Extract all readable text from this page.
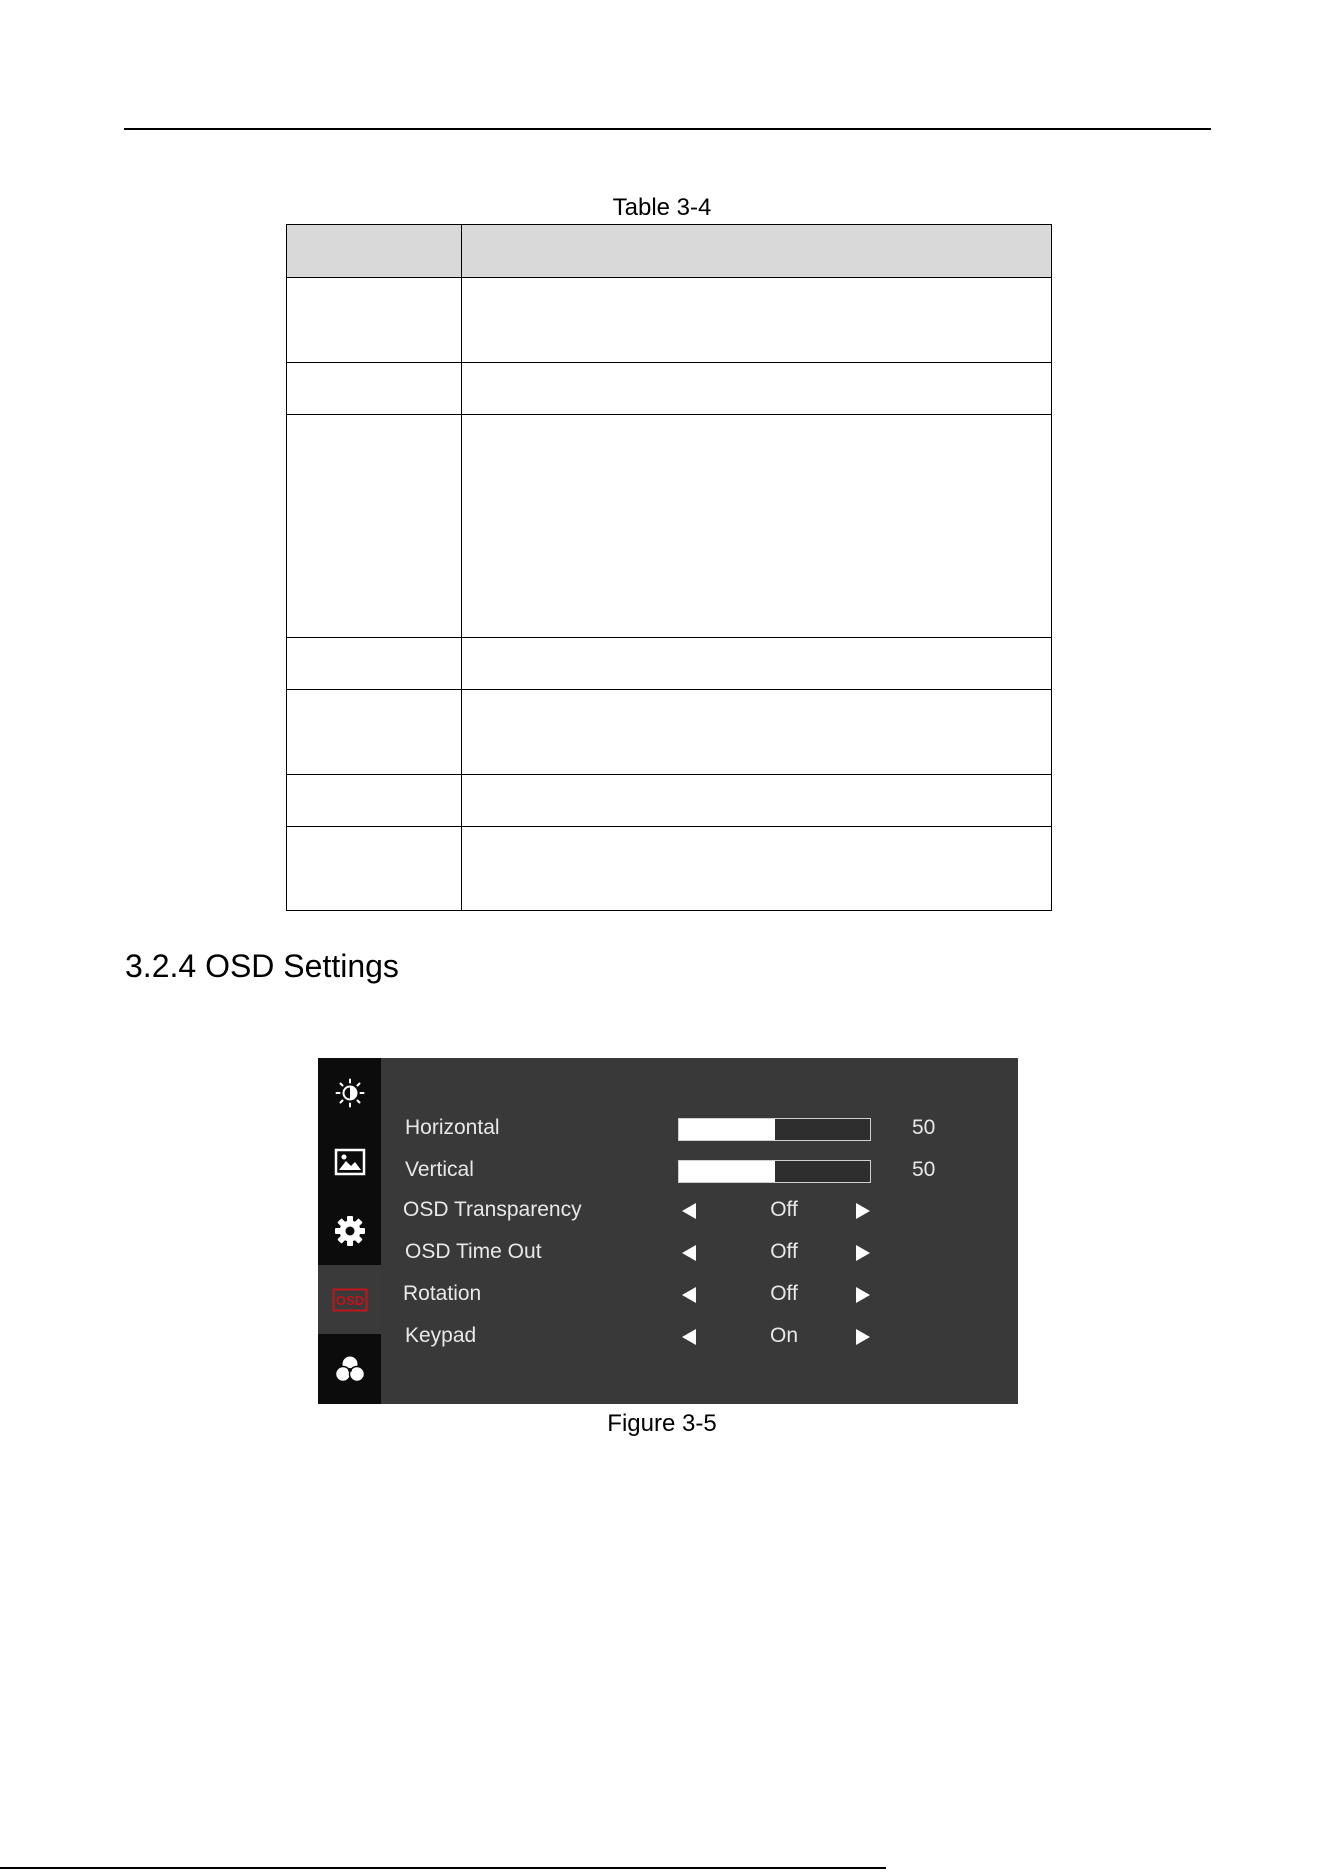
Table 3-4

3.2.4 OSD Settings
OSD
Horizontal	50
Vertical	50
OSD Transparency	Off
OSD Time Out	Off
Rotation	Off
Keypad	On
Figure 3-5
